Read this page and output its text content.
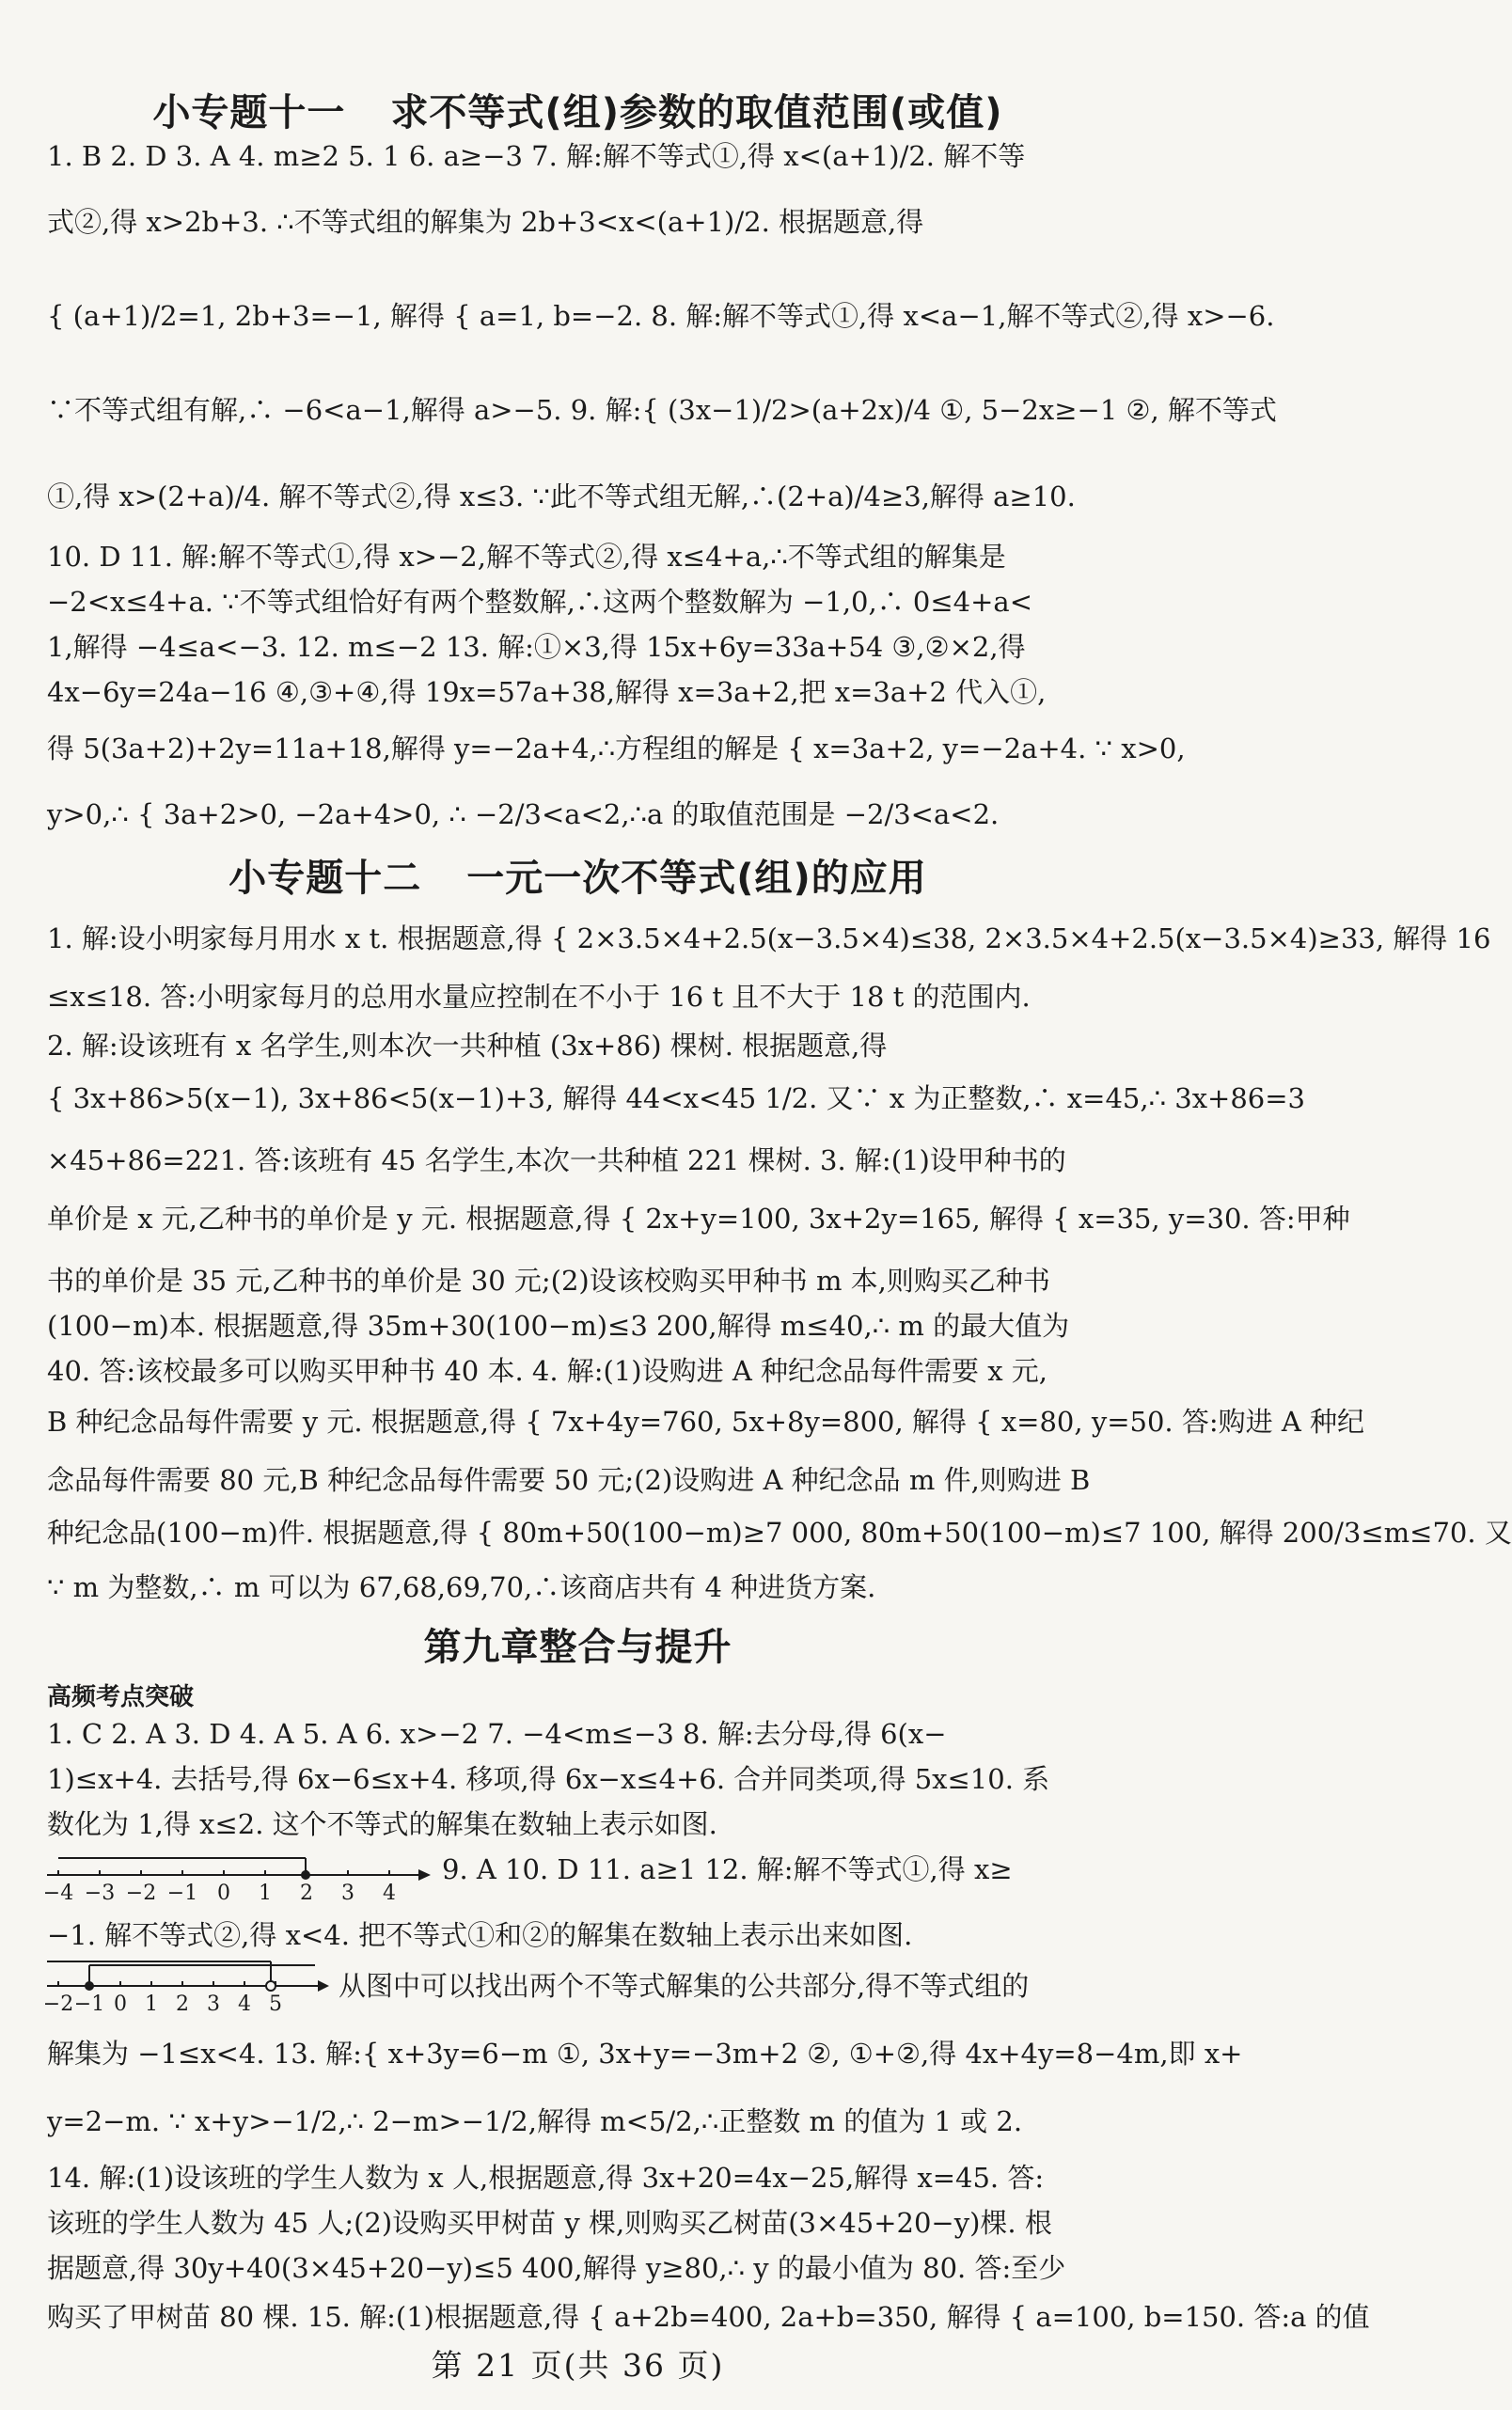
小专题十一 求不等式(组)参数的取值范围(或值)
1. B 2. D 3. A 4. m≥2 5. 1 6. a≥−3 7. 解:解不等式①,得 x<(a+1)/2. 解不等
式②,得 x>2b+3. ∴不等式组的解集为 2b+3<x<(a+1)/2. 根据题意,得
{ (a+1)/2=1, 2b+3=−1, 解得 { a=1, b=−2. 8. 解:解不等式①,得 x<a−1,解不等式②,得 x>−6.
∵不等式组有解,∴ −6<a−1,解得 a>−5. 9. 解:{ (3x−1)/2>(a+2x)/4 ①, 5−2x≥−1 ②, 解不等式
①,得 x>(2+a)/4. 解不等式②,得 x≤3. ∵此不等式组无解,∴(2+a)/4≥3,解得 a≥10.
10. D 11. 解:解不等式①,得 x>−2,解不等式②,得 x≤4+a,∴不等式组的解集是
−2<x≤4+a. ∵不等式组恰好有两个整数解,∴这两个整数解为 −1,0,∴ 0≤4+a<
1,解得 −4≤a<−3. 12. m≤−2 13. 解:①×3,得 15x+6y=33a+54 ③,②×2,得
4x−6y=24a−16 ④,③+④,得 19x=57a+38,解得 x=3a+2,把 x=3a+2 代入①,
得 5(3a+2)+2y=11a+18,解得 y=−2a+4,∴方程组的解是 { x=3a+2, y=−2a+4. ∵ x>0,
y>0,∴ { 3a+2>0, −2a+4>0, ∴ −2/3<a<2,∴a 的取值范围是 −2/3<a<2.
小专题十二 一元一次不等式(组)的应用
1. 解:设小明家每月用水 x t. 根据题意,得 { 2×3.5×4+2.5(x−3.5×4)≤38, 2×3.5×4+2.5(x−3.5×4)≥33, 解得 16
≤x≤18. 答:小明家每月的总用水量应控制在不小于 16 t 且不大于 18 t 的范围内.
2. 解:设该班有 x 名学生,则本次一共种植 (3x+86) 棵树. 根据题意,得
{ 3x+86>5(x−1), 3x+86<5(x−1)+3, 解得 44<x<45 1/2. 又∵ x 为正整数,∴ x=45,∴ 3x+86=3
×45+86=221. 答:该班有 45 名学生,本次一共种植 221 棵树. 3. 解:(1)设甲种书的
单价是 x 元,乙种书的单价是 y 元. 根据题意,得 { 2x+y=100, 3x+2y=165, 解得 { x=35, y=30. 答:甲种
书的单价是 35 元,乙种书的单价是 30 元;(2)设该校购买甲种书 m 本,则购买乙种书
(100−m)本. 根据题意,得 35m+30(100−m)≤3 200,解得 m≤40,∴ m 的最大值为
40. 答:该校最多可以购买甲种书 40 本. 4. 解:(1)设购进 A 种纪念品每件需要 x 元,
B 种纪念品每件需要 y 元. 根据题意,得 { 7x+4y=760, 5x+8y=800, 解得 { x=80, y=50. 答:购进 A 种纪
念品每件需要 80 元,B 种纪念品每件需要 50 元;(2)设购进 A 种纪念品 m 件,则购进 B
种纪念品(100−m)件. 根据题意,得 { 80m+50(100−m)≥7 000, 80m+50(100−m)≤7 100, 解得 200/3≤m≤70. 又
∵ m 为整数,∴ m 可以为 67,68,69,70,∴该商店共有 4 种进货方案.
第九章整合与提升
高频考点突破
1. C 2. A 3. D 4. A 5. A 6. x>−2 7. −4<m≤−3 8. 解:去分母,得 6(x−
1)≤x+4. 去括号,得 6x−6≤x+4. 移项,得 6x−x≤4+6. 合并同类项,得 5x≤10. 系
数化为 1,得 x≤2. 这个不等式的解集在数轴上表示如图.
−4 −3 −2 −1 0 1 2 3 4
9. A 10. D 11. a≥1 12. 解:解不等式①,得 x≥
−1. 解不等式②,得 x<4. 把不等式①和②的解集在数轴上表示出来如图.
−2 −1 0 1 2 3 4 5
从图中可以找出两个不等式解集的公共部分,得不等式组的
解集为 −1≤x<4. 13. 解:{ x+3y=6−m ①, 3x+y=−3m+2 ②, ①+②,得 4x+4y=8−4m,即 x+
y=2−m. ∵ x+y>−1/2,∴ 2−m>−1/2,解得 m<5/2,∴正整数 m 的值为 1 或 2.
14. 解:(1)设该班的学生人数为 x 人,根据题意,得 3x+20=4x−25,解得 x=45. 答:
该班的学生人数为 45 人;(2)设购买甲树苗 y 棵,则购买乙树苗(3×45+20−y)棵. 根
据题意,得 30y+40(3×45+20−y)≤5 400,解得 y≥80,∴ y 的最小值为 80. 答:至少
购买了甲树苗 80 棵. 15. 解:(1)根据题意,得 { a+2b=400, 2a+b=350, 解得 { a=100, b=150. 答:a 的值
第 21 页(共 36 页)
